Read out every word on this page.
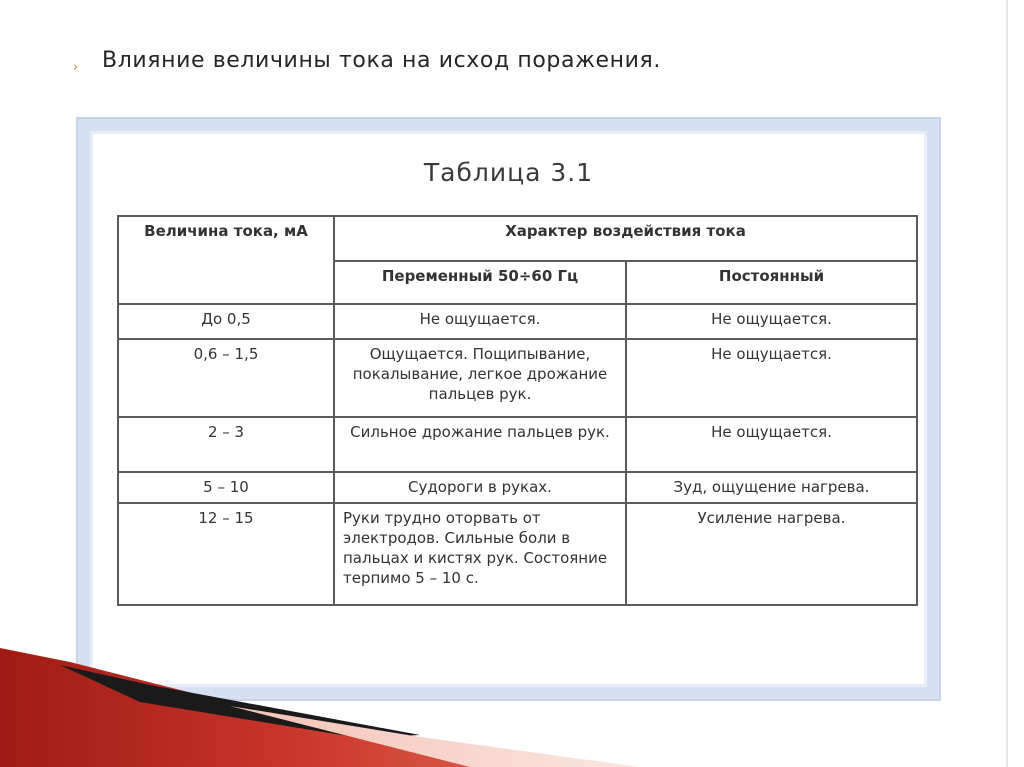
› Влияние величины тока на исход поражения.
Таблица 3.1
Величина тока, мА	Характер воздействия тока	
	Переменный 50÷60 Гц	Постоянный
До 0,5	Не ощущается.	Не ощущается.
0,6 – 1,5	Ощущается. Пощипывание, покалывание, легкое дрожание пальцев рук.	Не ощущается.
2 – 3	Сильное дрожание пальцев рук.	Не ощущается.
5 – 10	Судороги в руках.	Зуд, ощущение нагрева.
12 – 15	Руки трудно оторвать от электродов. Сильные боли в пальцах и кистях рук. Состояние терпимо 5 – 10 с.	Усиление нагрева.
